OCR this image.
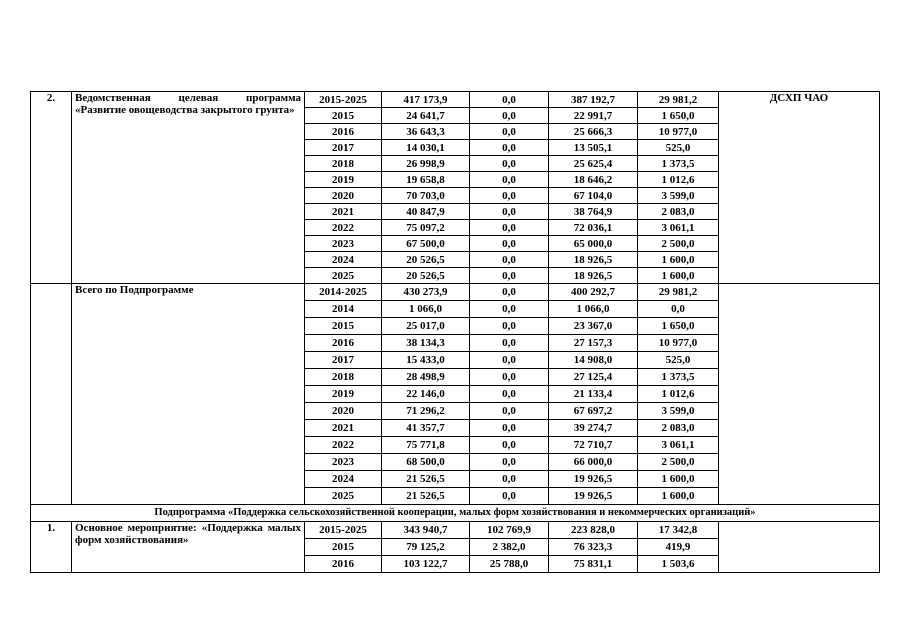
2.	Ведомственная целевая программа «Развитие овощеводства закрытого грунта»	2015-2025	417 173,9	0,0	387 192,7	29 981,2	ДСХП ЧАО
		2015	24 641,7	0,0	22 991,7	1 650,0	
		2016	36 643,3	0,0	25 666,3	10 977,0	
		2017	14 030,1	0,0	13 505,1	525,0	
		2018	26 998,9	0,0	25 625,4	1 373,5	
		2019	19 658,8	0,0	18 646,2	1 012,6	
		2020	70 703,0	0,0	67 104,0	3 599,0	
		2021	40 847,9	0,0	38 764,9	2 083,0	
		2022	75 097,2	0,0	72 036,1	3 061,1	
		2023	67 500,0	0,0	65 000,0	2 500,0	
		2024	20 526,5	0,0	18 926,5	1 600,0	
		2025	20 526,5	0,0	18 926,5	1 600,0	
	Всего по Подпрограмме	2014-2025	430 273,9	0,0	400 292,7	29 981,2	
		2014	1 066,0	0,0	1 066,0	0,0	
		2015	25 017,0	0,0	23 367,0	1 650,0	
		2016	38 134,3	0,0	27 157,3	10 977,0	
		2017	15 433,0	0,0	14 908,0	525,0	
		2018	28 498,9	0,0	27 125,4	1 373,5	
		2019	22 146,0	0,0	21 133,4	1 012,6	
		2020	71 296,2	0,0	67 697,2	3 599,0	
		2021	41 357,7	0,0	39 274,7	2 083,0	
		2022	75 771,8	0,0	72 710,7	3 061,1	
		2023	68 500,0	0,0	66 000,0	2 500,0	
		2024	21 526,5	0,0	19 926,5	1 600,0	
		2025	21 526,5	0,0	19 926,5	1 600,0	
Подпрограмма «Поддержка сельскохозяйственной кооперации, малых форм хозяйствования и некоммерческих организаций»							
1.	Основное мероприятие: «Поддержка малых форм хозяйствования»	2015-2025	343 940,7	102 769,9	223 828,0	17 342,8	
		2015	79 125,2	2 382,0	76 323,3	419,9	
		2016	103 122,7	25 788,0	75 831,1	1 503,6	
